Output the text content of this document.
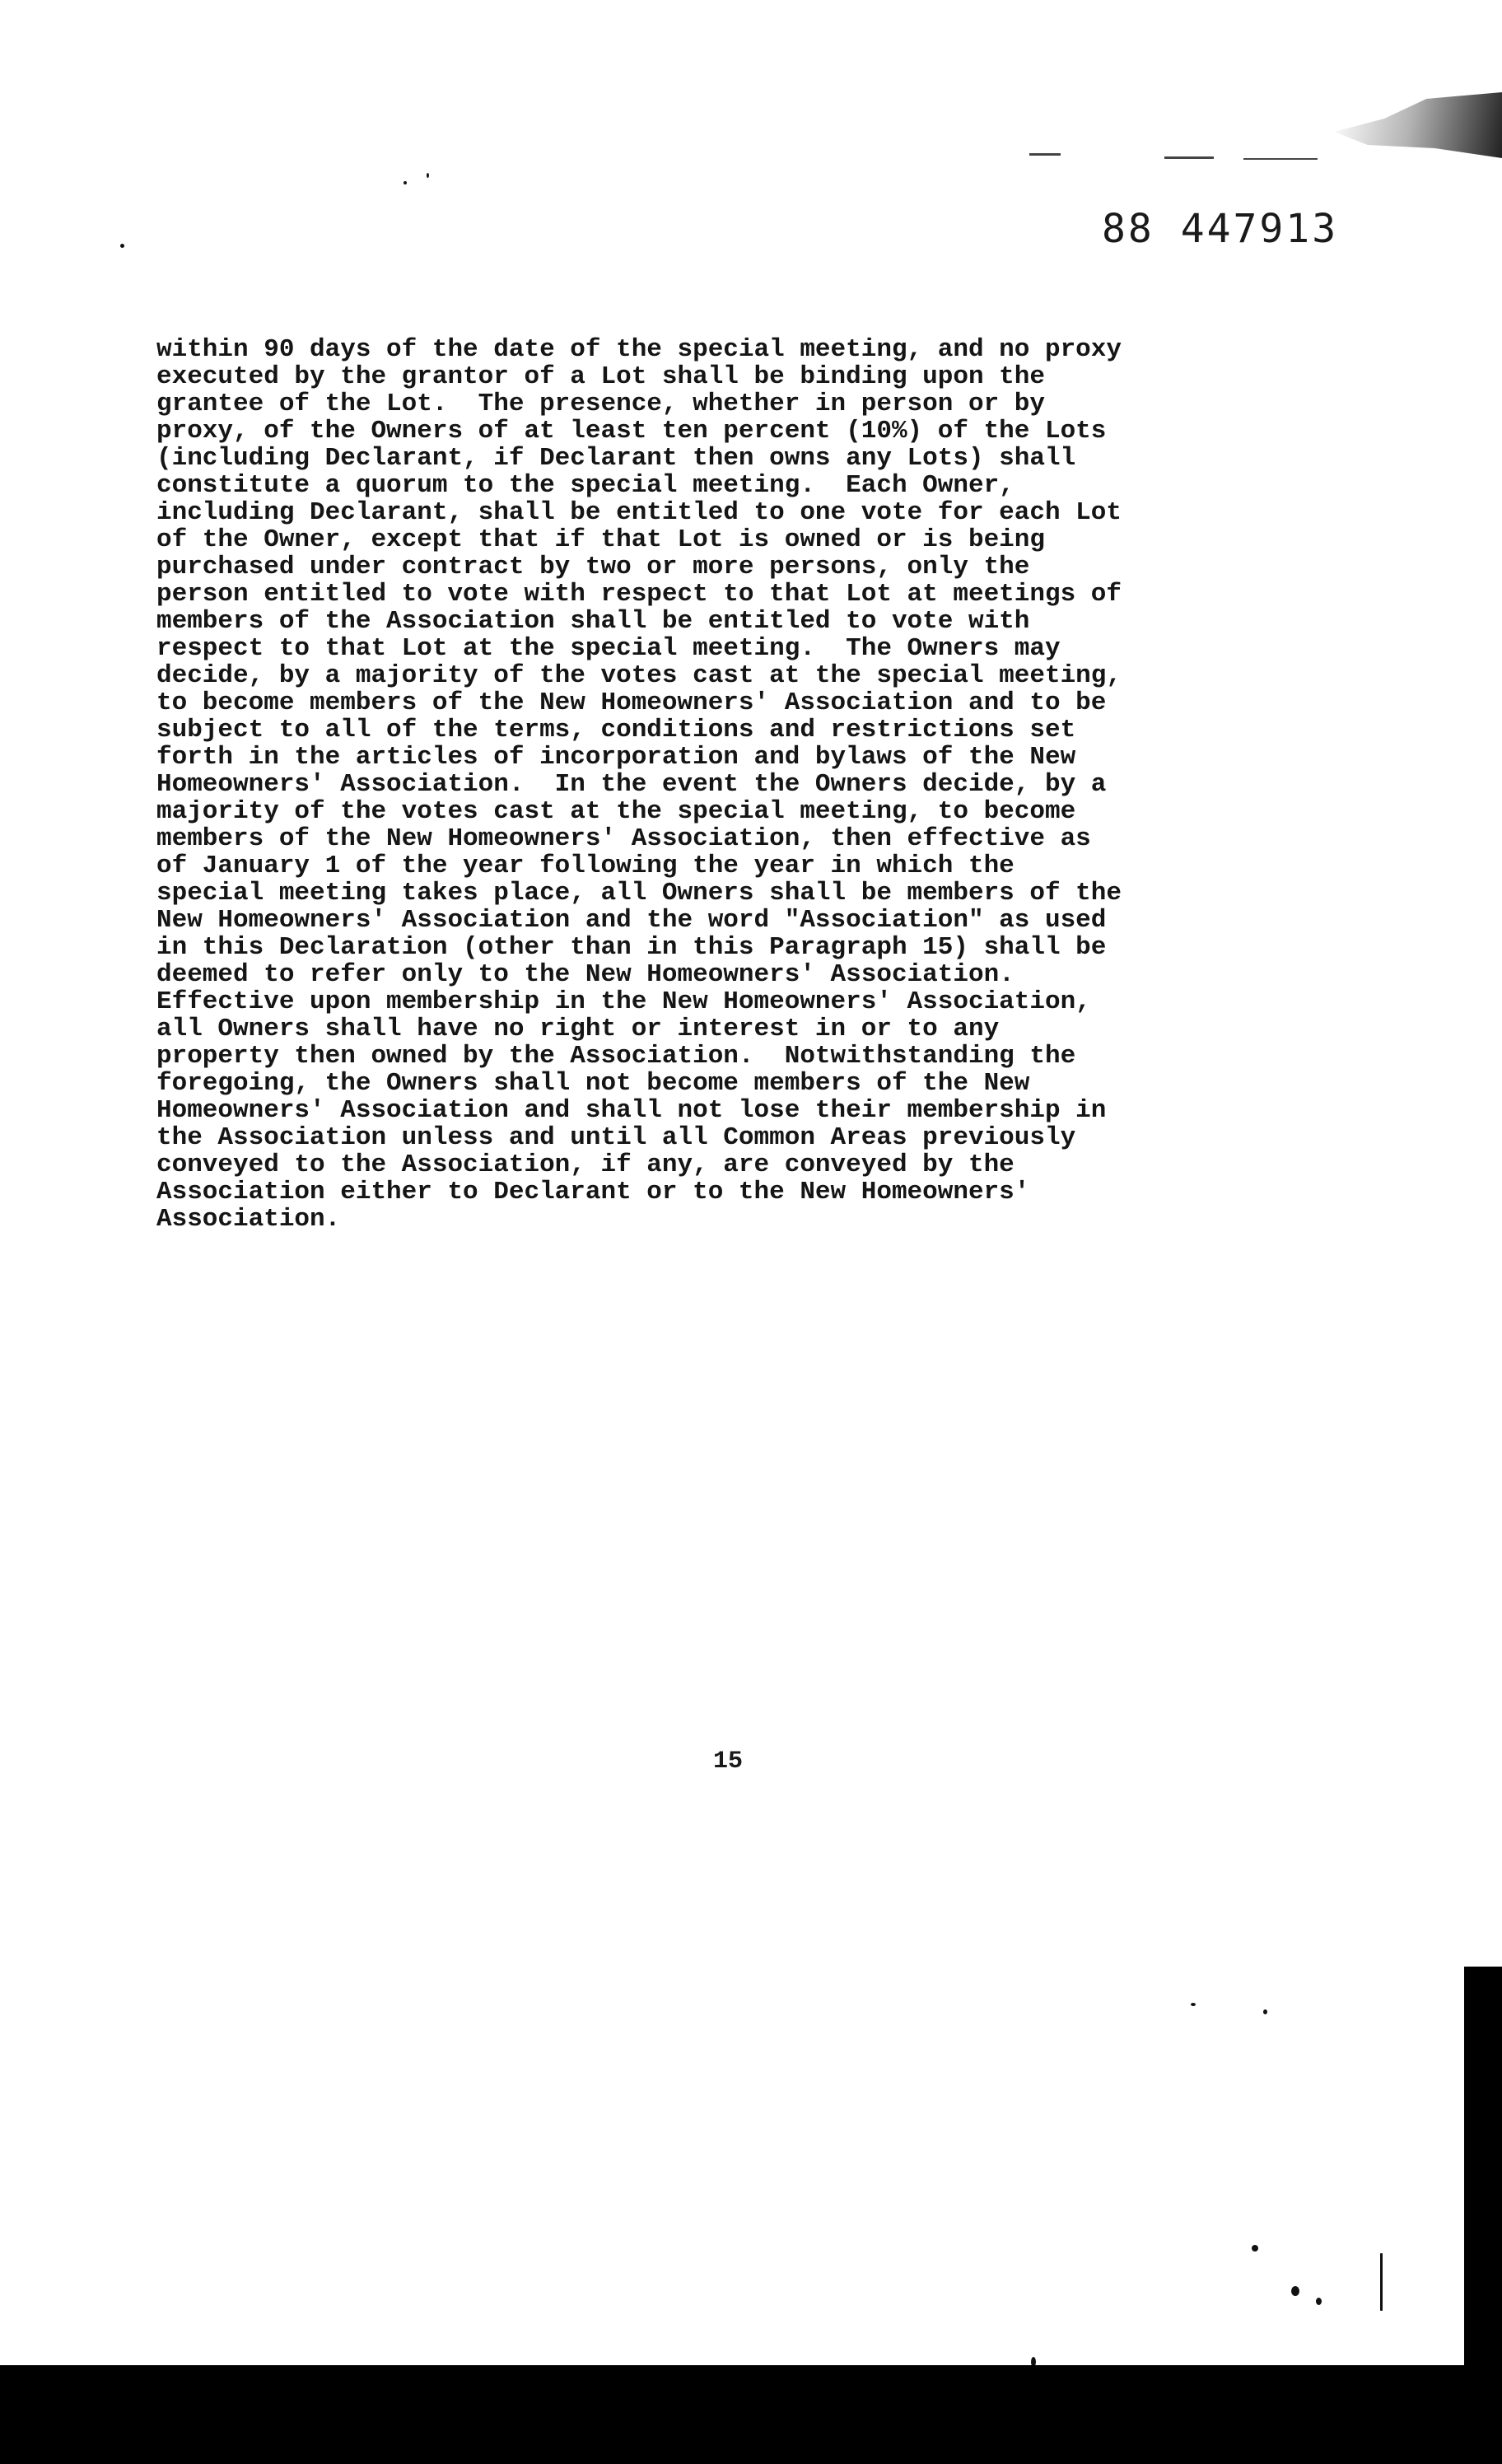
88 447913
within 90 days of the date of the special meeting, and no proxy
executed by the grantor of a Lot shall be binding upon the
grantee of the Lot.  The presence, whether in person or by
proxy, of the Owners of at least ten percent (10%) of the Lots
(including Declarant, if Declarant then owns any Lots) shall
constitute a quorum to the special meeting.  Each Owner,
including Declarant, shall be entitled to one vote for each Lot
of the Owner, except that if that Lot is owned or is being
purchased under contract by two or more persons, only the
person entitled to vote with respect to that Lot at meetings of
members of the Association shall be entitled to vote with
respect to that Lot at the special meeting.  The Owners may
decide, by a majority of the votes cast at the special meeting,
to become members of the New Homeowners' Association and to be
subject to all of the terms, conditions and restrictions set
forth in the articles of incorporation and bylaws of the New
Homeowners' Association.  In the event the Owners decide, by a
majority of the votes cast at the special meeting, to become
members of the New Homeowners' Association, then effective as
of January 1 of the year following the year in which the
special meeting takes place, all Owners shall be members of the
New Homeowners' Association and the word "Association" as used
in this Declaration (other than in this Paragraph 15) shall be
deemed to refer only to the New Homeowners' Association.
Effective upon membership in the New Homeowners' Association,
all Owners shall have no right or interest in or to any
property then owned by the Association.  Notwithstanding the
foregoing, the Owners shall not become members of the New
Homeowners' Association and shall not lose their membership in
the Association unless and until all Common Areas previously
conveyed to the Association, if any, are conveyed by the
Association either to Declarant or to the New Homeowners'
Association.
15
